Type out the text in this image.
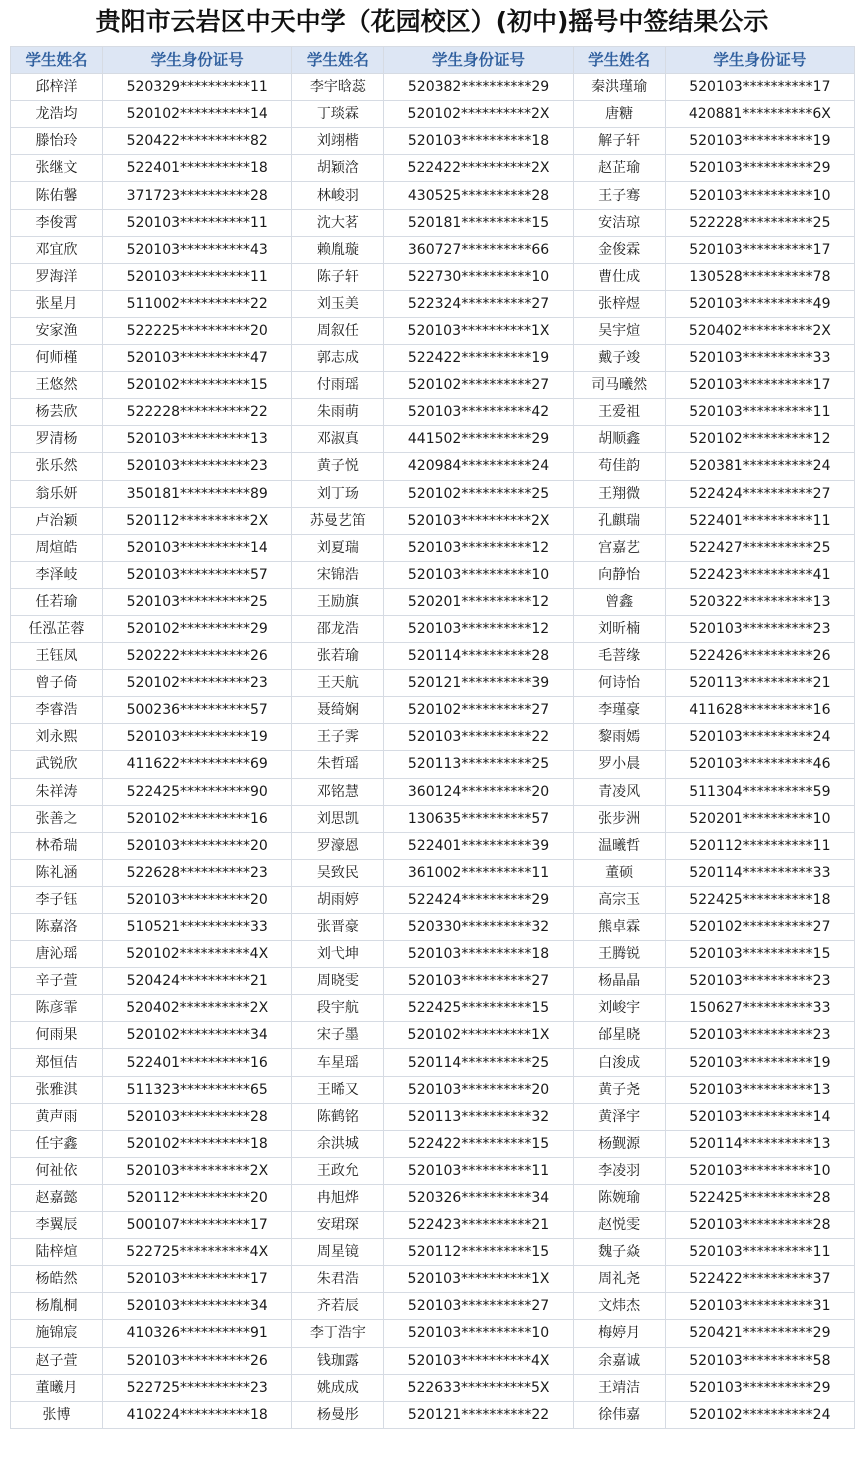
贵阳市云岩区中天中学（花园校区）(初中)摇号中签结果公示
学生姓名	学生身份证号	学生姓名	学生身份证号	学生姓名	学生身份证号
邱梓洋	520329**********11	李宇晗蕊	520382**********29	秦洪瑾瑜	520103**********17
龙浩均	520102**********14	丁琰霖	520102**********2X	唐糖	420881**********6X
滕怡玲	520422**********82	刘翊楷	520103**********18	解子轩	520103**********19
张继文	522401**********18	胡颖浛	522422**********2X	赵芷瑜	520103**********29
陈佑馨	371723**********28	林峻羽	430525**********28	王子骞	520103**********10
李俊霄	520103**********11	沈大茗	520181**********15	安洁琼	522228**********25
邓宜欣	520103**********43	赖胤璇	360727**********66	金俊霖	520103**********17
罗海洋	520103**********11	陈子轩	522730**********10	曹仕成	130528**********78
张星月	511002**********22	刘玉美	522324**********27	张梓煜	520103**********49
安家渔	522225**********20	周叙任	520103**********1X	吴宇煊	520402**********2X
何师槿	520103**********47	郭志成	522422**********19	戴子竣	520103**********33
王悠然	520102**********15	付雨瑶	520102**********27	司马曦然	520103**********17
杨芸欣	522228**********22	朱雨萌	520103**********42	王爱祖	520103**********11
罗清杨	520103**********13	邓淑真	441502**********29	胡顺鑫	520102**********12
张乐然	520103**********23	黄子悦	420984**********24	苟佳韵	520381**********24
翁乐妍	350181**********89	刘丁玚	520102**********25	王翔微	522424**********27
卢治颖	520112**********2X	苏曼艺笛	520103**********2X	孔麒瑞	522401**********11
周煊皓	520103**********14	刘夏瑞	520103**********12	宫嘉艺	522427**********25
李泽岐	520103**********57	宋锦浩	520103**********10	向静怡	522423**********41
任若瑜	520103**********25	王励旗	520201**********12	曾鑫	520322**********13
任泓芷蓉	520102**********29	邵龙浩	520103**********12	刘昕楠	520103**********23
王钰凤	520222**********26	张若瑜	520114**********28	毛菩缘	522426**********26
曾子倚	520102**********23	王天航	520121**********39	何诗怡	520113**********21
李睿浩	500236**********57	聂绮娴	520102**********27	李瑾豪	411628**********16
刘永熙	520103**********19	王子霁	520103**********22	黎雨嫣	520103**********24
武锐欣	411622**********69	朱哲瑶	520113**********25	罗小晨	520103**********46
朱祥涛	522425**********90	邓铭慧	360124**********20	青凌风	511304**********59
张善之	520102**********16	刘思凯	130635**********57	张步洲	520201**********10
林希瑞	520103**********20	罗濠恩	522401**********39	温曦哲	520112**********11
陈礼涵	522628**********23	吴致民	361002**********11	董硕	520114**********33
李子钰	520103**********20	胡雨婷	522424**********29	高宗玉	522425**********18
陈嘉洛	510521**********33	张晋豪	520330**********32	熊卓霖	520102**********27
唐沁瑶	520102**********4X	刘弋坤	520103**********18	王腾锐	520103**********15
辛子萱	520424**********21	周晓雯	520103**********27	杨晶晶	520103**********23
陈彦霏	520402**********2X	段宇航	522425**********15	刘峻宇	150627**********33
何雨果	520102**********34	宋子墨	520102**********1X	邰星晓	520103**********23
郑恒佶	522401**********16	车星瑶	520114**********25	白浚成	520103**********19
张雅淇	511323**********65	王晞又	520103**********20	黄子尧	520103**********13
黄声雨	520103**********28	陈鹤铭	520113**********32	黄泽宇	520103**********14
任宇鑫	520102**********18	余洪城	522422**********15	杨觐源	520114**********13
何祉依	520103**********2X	王政允	520103**********11	李凌羽	520103**********10
赵嘉懿	520112**********20	冉旭烨	520326**********34	陈婉瑜	522425**********28
李翼辰	500107**********17	安珺琛	522423**********21	赵悦雯	520103**********28
陆梓煊	522725**********4X	周星镜	520112**********15	魏子焱	520103**********11
杨皓然	520103**********17	朱君浩	520103**********1X	周礼尧	522422**********37
杨胤桐	520103**********34	齐若辰	520103**********27	文炜杰	520103**********31
施锦宸	410326**********91	李丁浩宇	520103**********10	梅婷月	520421**********29
赵子萱	520103**********26	钱珈露	520103**********4X	余嘉诚	520103**********58
董曦月	522725**********23	姚成成	522633**********5X	王靖洁	520103**********29
张博	410224**********18	杨曼彤	520121**********22	徐伟嘉	520102**********24
